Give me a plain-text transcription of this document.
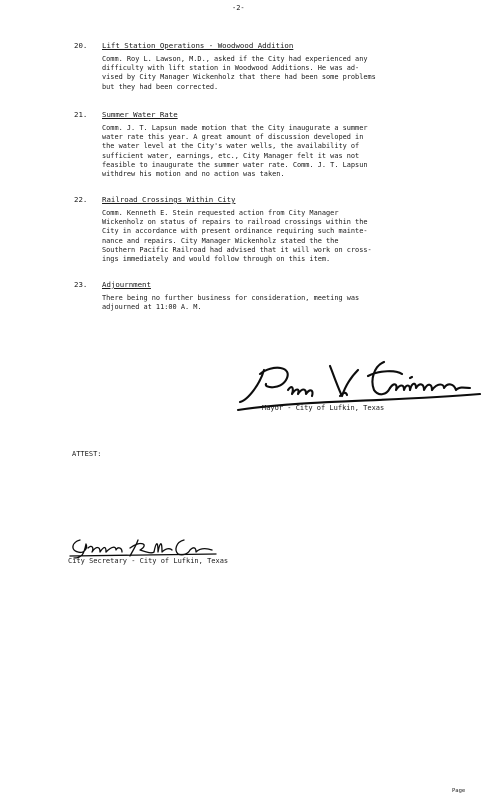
-2-
20. Lift Station Operations - Woodwood Addition
Comm. Roy L. Lawson, M.D., asked if the City had experienced any
difficulty with lift station in Woodwood Additions. He was ad-
vised by City Manager Wickenholz that there had been some problems
but they had been corrected.
21. Summer Water Rate
Comm. J. T. Lapsun made motion that the City inaugurate a summer
water rate this year. A great amount of discussion developed in
the water level at the City's water wells, the availability of
sufficient water, earnings, etc., City Manager felt it was not
feasible to inaugurate the summer water rate. Comm. J. T. Lapsun
withdrew his motion and no action was taken.
22. Railroad Crossings Within City
Comm. Kenneth E. Stein requested action from City Manager
Wickenholz on status of repairs to railroad crossings within the
City in accordance with present ordinance requiring such mainte-
nance and repairs. City Manager Wickenholz stated the the
Southern Pacific Railroad had advised that it will work on cross-
ings immediately and would follow through on this item.
23. Adjournment
There being no further business for consideration, meeting was
adjourned at 11:00 A. M.
Mayor - City of Lufkin, Texas
ATTEST:
City Secretary - City of Lufkin, Texas
Page
